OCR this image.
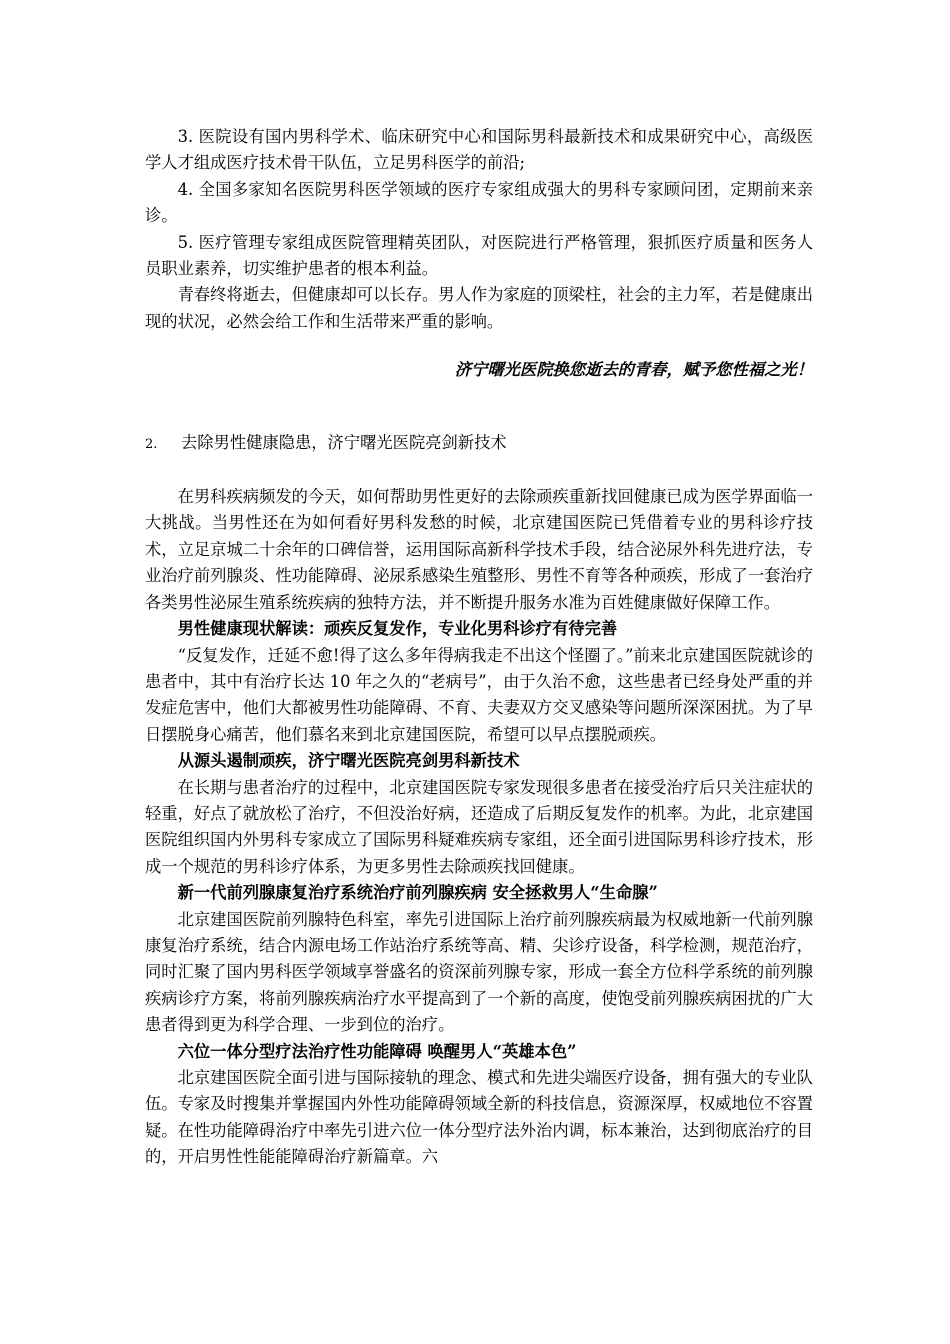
3. 医院设有国内男科学术、临床研究中心和国际男科最新技术和成果研究中心，高级医学人才组成医疗技术骨干队伍，立足男科医学的前沿;

4. 全国多家知名医院男科医学领域的医疗专家组成强大的男科专家顾问团，定期前来亲诊。

5. 医疗管理专家组成医院管理精英团队，对医院进行严格管理，狠抓医疗质量和医务人员职业素养，切实维护患者的根本利益。

青春终将逝去，但健康却可以长存。男人作为家庭的顶梁柱，社会的主力军，若是健康出现的状况，必然会给工作和生活带来严重的影响。

济宁曙光医院换您逝去的青春，赋予您性福之光！

2.	去除男性健康隐患，济宁曙光医院亮剑新技术

在男科疾病频发的今天，如何帮助男性更好的去除顽疾重新找回健康已成为医学界面临一大挑战。当男性还在为如何看好男科发愁的时候，北京建国医院已凭借着专业的男科诊疗技术，立足京城二十余年的口碑信誉，运用国际高新科学技术手段，结合泌尿外科先进疗法，专业治疗前列腺炎、性功能障碍、泌尿系感染生殖整形、男性不育等各种顽疾，形成了一套治疗各类男性泌尿生殖系统疾病的独特方法，并不断提升服务水准为百姓健康做好保障工作。

男性健康现状解读：顽疾反复发作，专业化男科诊疗有待完善

“反复发作，迁延不愈!得了这么多年得病我走不出这个怪圈了。”前来北京建国医院就诊的患者中，其中有治疗长达 10 年之久的“老病号”，由于久治不愈，这些患者已经身处严重的并发症危害中，他们大都被男性功能障碍、不育、夫妻双方交叉感染等问题所深深困扰。为了早日摆脱身心痛苦，他们慕名来到北京建国医院，希望可以早点摆脱顽疾。

从源头遏制顽疾，济宁曙光医院亮剑男科新技术

在长期与患者治疗的过程中，北京建国医院专家发现很多患者在接受治疗后只关注症状的轻重，好点了就放松了治疗，不但没治好病，还造成了后期反复发作的机率。为此，北京建国医院组织国内外男科专家成立了国际男科疑难疾病专家组，还全面引进国际男科诊疗技术，形成一个规范的男科诊疗体系，为更多男性去除顽疾找回健康。

新一代前列腺康复治疗系统治疗前列腺疾病 安全拯救男人“生命腺”

北京建国医院前列腺特色科室，率先引进国际上治疗前列腺疾病最为权威地新一代前列腺康复治疗系统，结合内源电场工作站治疗系统等高、精、尖诊疗设备，科学检测，规范治疗，同时汇聚了国内男科医学领域享誉盛名的资深前列腺专家，形成一套全方位科学系统的前列腺疾病诊疗方案，将前列腺疾病治疗水平提高到了一个新的高度，使饱受前列腺疾病困扰的广大患者得到更为科学合理、一步到位的治疗。

六位一体分型疗法治疗性功能障碍 唤醒男人“英雄本色”

北京建国医院全面引进与国际接轨的理念、模式和先进尖端医疗设备，拥有强大的专业队伍。专家及时搜集并掌握国内外性功能障碍领域全新的科技信息，资源深厚，权威地位不容置疑。在性功能障碍治疗中率先引进六位一体分型疗法外治内调，标本兼治，达到彻底治疗的目的，开启男性性能能障碍治疗新篇章。六
